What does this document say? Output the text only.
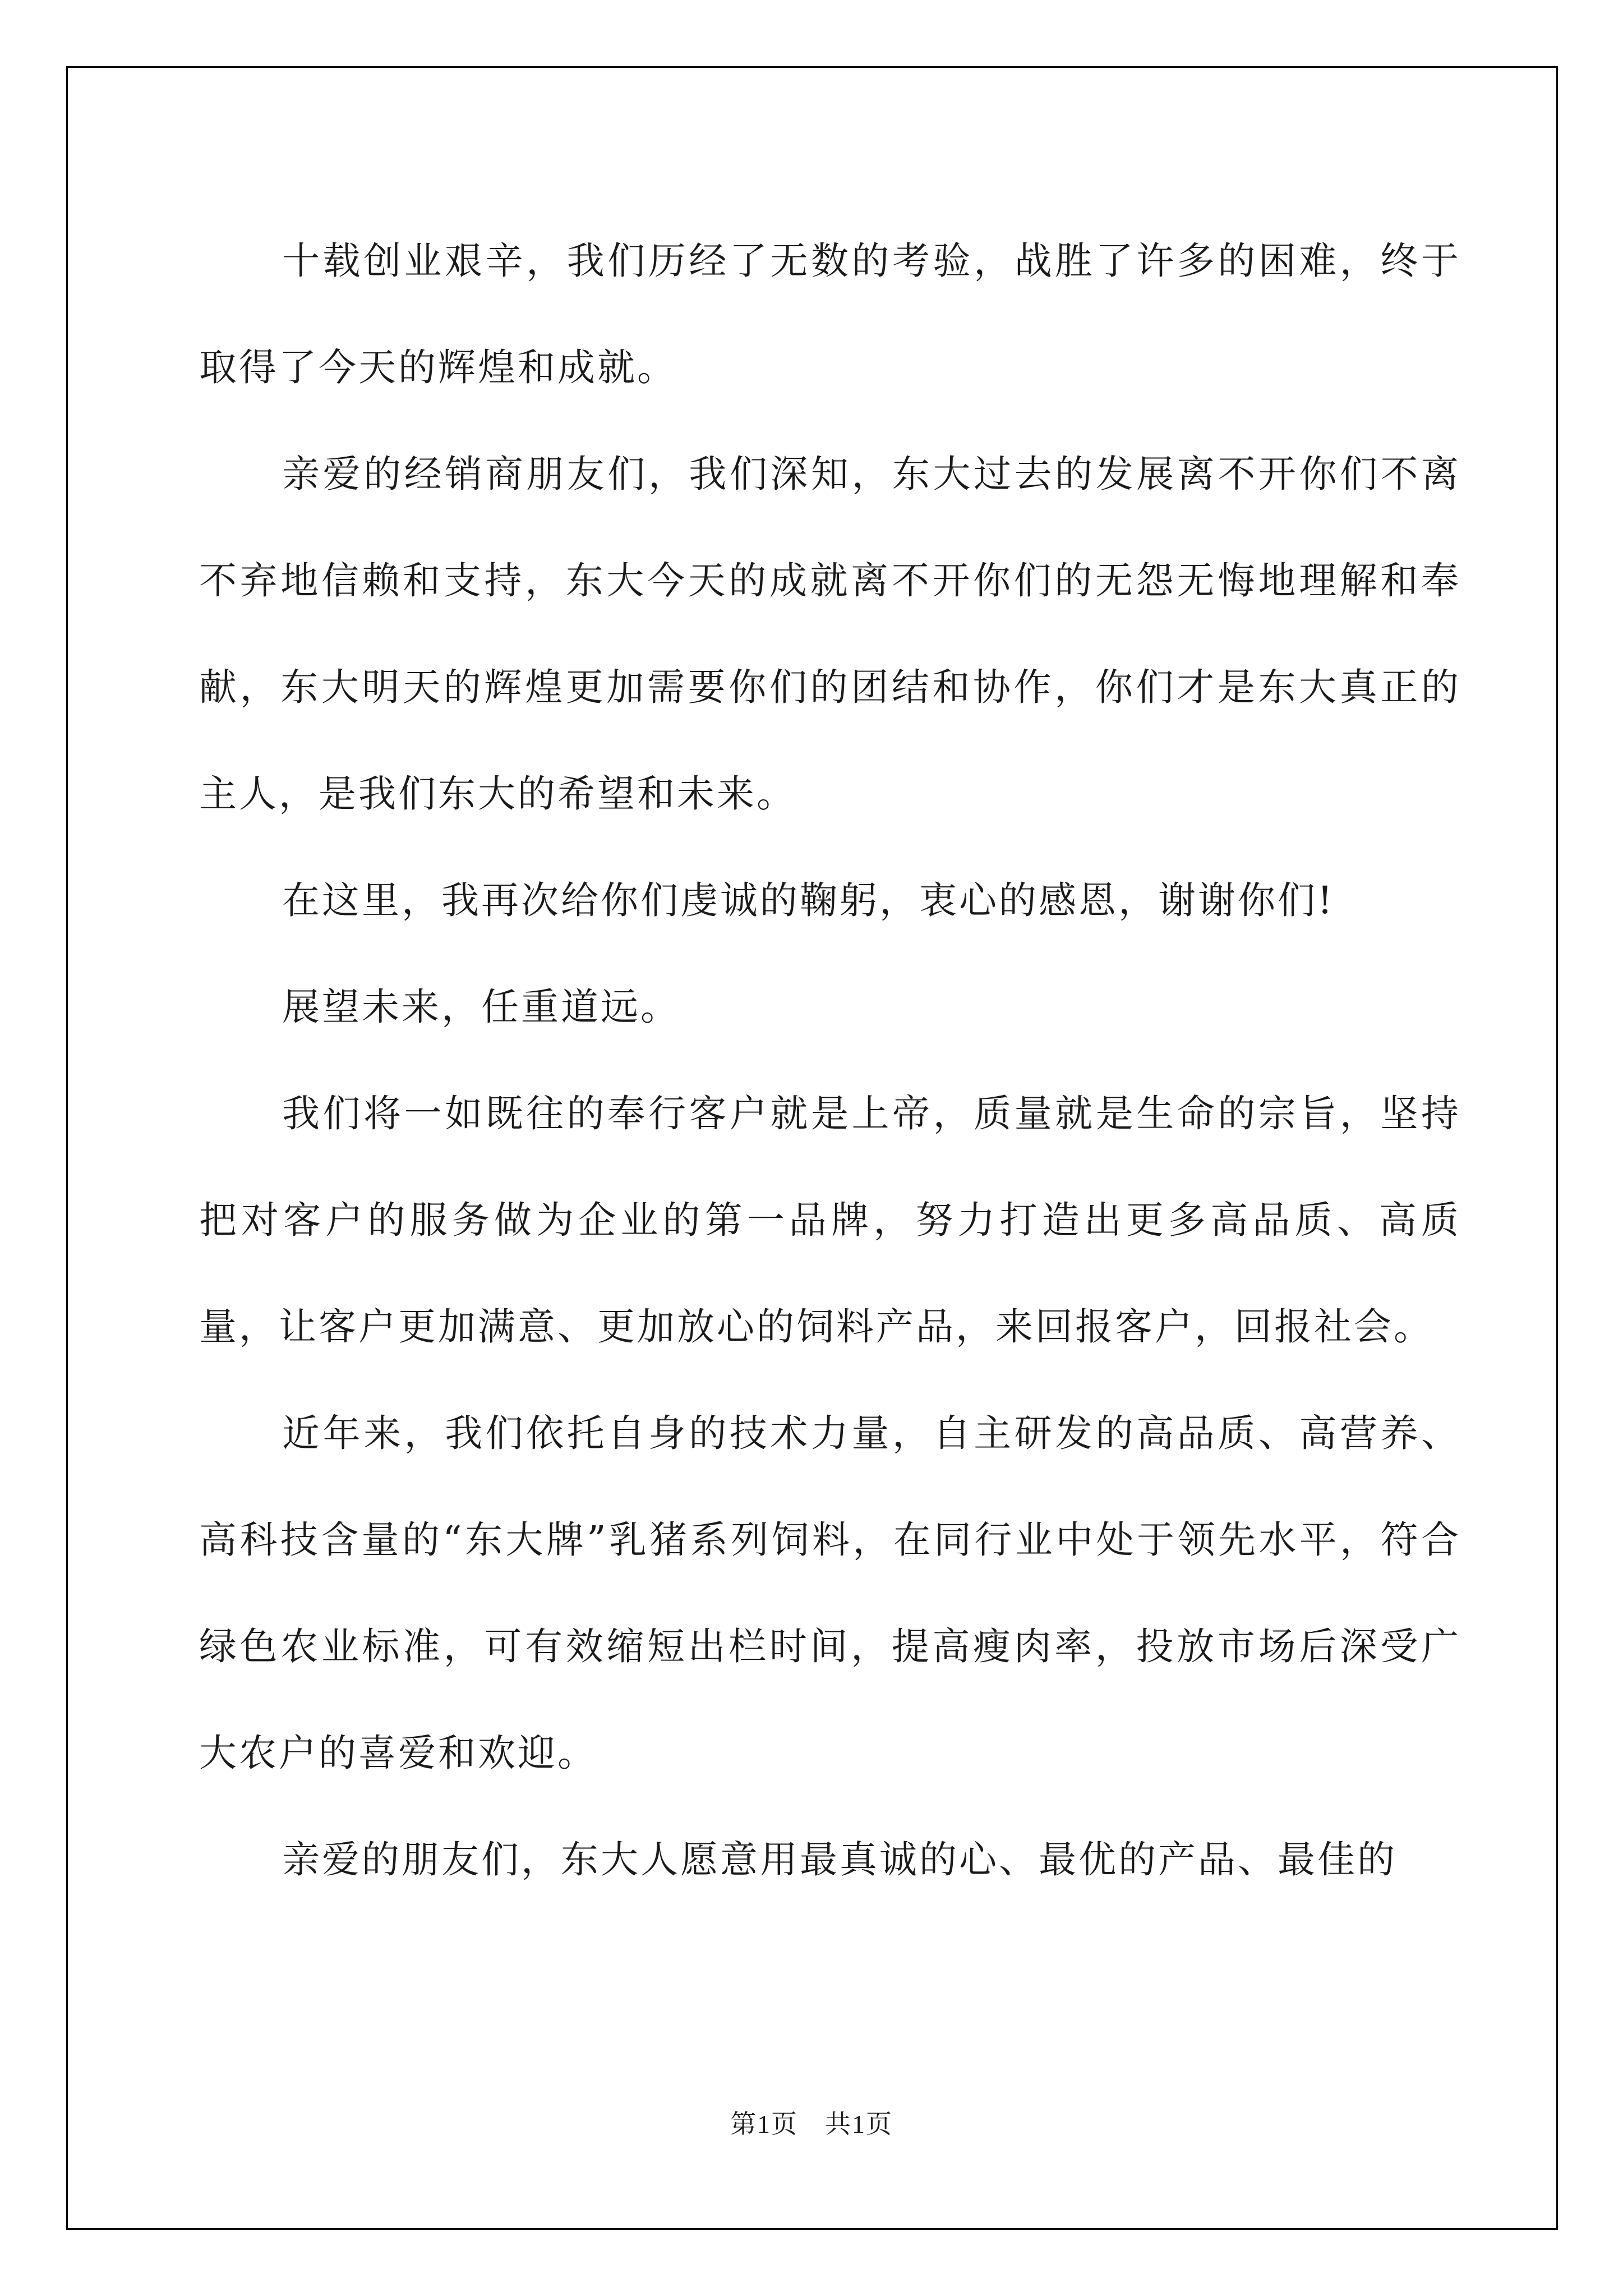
十载创业艰辛，我们历经了无数的考验，战胜了许多的困难，终于取得了今天的辉煌和成就。

亲爱的经销商朋友们，我们深知，东大过去的发展离不开你们不离不弃地信赖和支持，东大今天的成就离不开你们的无怨无悔地理解和奉献，东大明天的辉煌更加需要你们的团结和协作，你们才是东大真正的主人，是我们东大的希望和未来。

在这里，我再次给你们虔诚的鞠躬，衷心的感恩，谢谢你们!

展望未来，任重道远。

我们将一如既往的奉行客户就是上帝，质量就是生命的宗旨，坚持把对客户的服务做为企业的第一品牌，努力打造出更多高品质、高质量，让客户更加满意、更加放心的饲料产品，来回报客户，回报社会。

近年来，我们依托自身的技术力量，自主研发的高品质、高营养、高科技含量的“东大牌”乳猪系列饲料，在同行业中处于领先水平，符合绿色农业标准，可有效缩短出栏时间，提高瘦肉率，投放市场后深受广大农户的喜爱和欢迎。

亲爱的朋友们，东大人愿意用最真诚的心、最优的产品、最佳的

第1页　共1页
